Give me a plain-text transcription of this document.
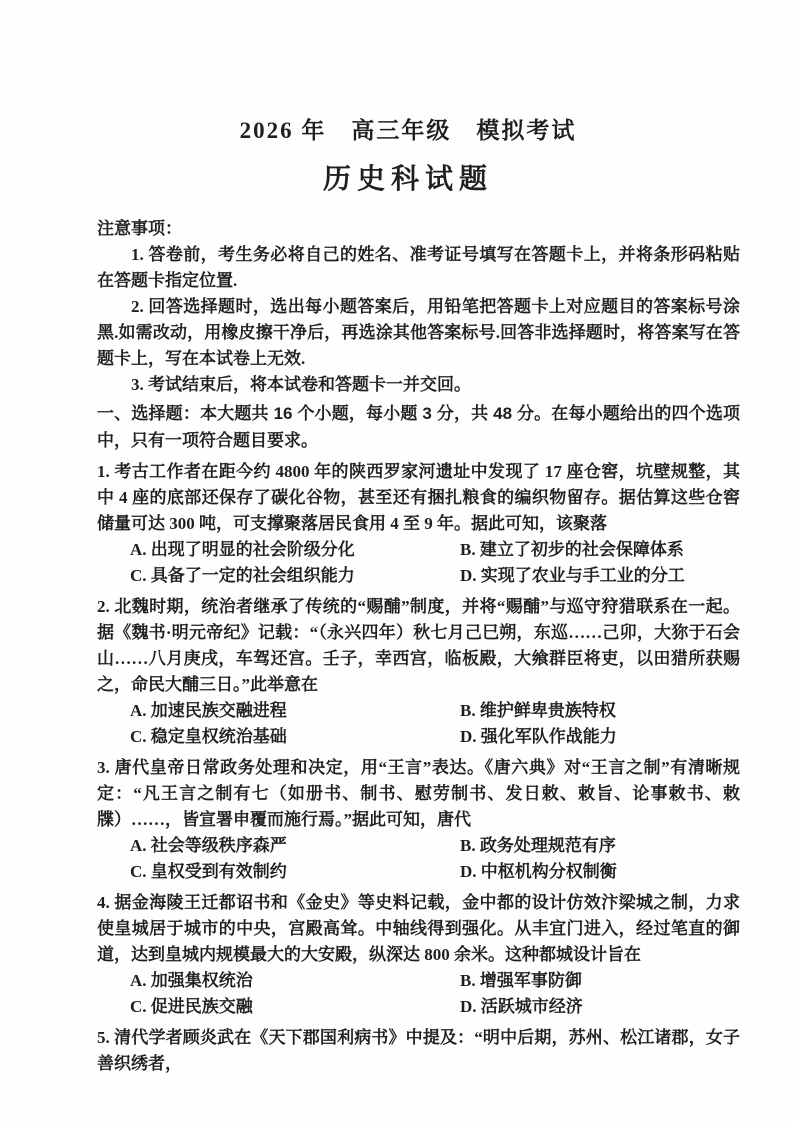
2026 年　高三年级　模拟考试
历史科试题
注意事项：
1. 答卷前，考生务必将自己的姓名、准考证号填写在答题卡上，并将条形码粘贴在答题卡指定位置.
2. 回答选择题时，选出每小题答案后，用铅笔把答题卡上对应题目的答案标号涂黑.如需改动，用橡皮擦干净后，再选涂其他答案标号.回答非选择题时，将答案写在答题卡上，写在本试卷上无效.
3. 考试结束后，将本试卷和答题卡一并交回。
一、选择题：本大题共 16 个小题，每小题 3 分，共 48 分。在每小题给出的四个选项中，只有一项符合题目要求。
1. 考古工作者在距今约 4800 年的陕西罗家河遗址中发现了 17 座仓窖，坑壁规整，其中 4 座的底部还保存了碳化谷物，甚至还有捆扎粮食的编织物留存。据估算这些仓窖储量可达 300 吨，可支撑聚落居民食用 4 至 9 年。据此可知，该聚落
A. 出现了明显的社会阶级分化	B. 建立了初步的社会保障体系
C. 具备了一定的社会组织能力	D. 实现了农业与手工业的分工
2. 北魏时期，统治者继承了传统的“赐酺”制度，并将“赐酺”与巡守狩猎联系在一起。据《魏书·明元帝纪》记载：“（永兴四年）秋七月己巳朔，东巡……己卯，大狝于石会山……八月庚戌，车驾还宫。壬子，幸西宫，临板殿，大飨群臣将吏，以田猎所获赐之，命民大酺三日。”此举意在
A. 加速民族交融进程	B. 维护鲜卑贵族特权
C. 稳定皇权统治基础	D. 强化军队作战能力
3. 唐代皇帝日常政务处理和决定，用“王言”表达。《唐六典》对“王言之制”有清晰规定：“凡王言之制有七（如册书、制书、慰劳制书、发日敕、敕旨、论事敕书、敕牒）……，皆宣署申覆而施行焉。”据此可知，唐代
A. 社会等级秩序森严	B. 政务处理规范有序
C. 皇权受到有效制约	D. 中枢机构分权制衡
4. 据金海陵王迁都诏书和《金史》等史料记载，金中都的设计仿效汴梁城之制，力求使皇城居于城市的中央，宫殿高耸。中轴线得到强化。从丰宜门进入，经过笔直的御道，达到皇城内规模最大的大安殿，纵深达 800 余米。这种都城设计旨在
A. 加强集权统治	B. 增强军事防御
C. 促进民族交融	D. 活跃城市经济
5. 清代学者顾炎武在《天下郡国利病书》中提及：“明中后期，苏州、松江诸郡，女子善织绣者，
